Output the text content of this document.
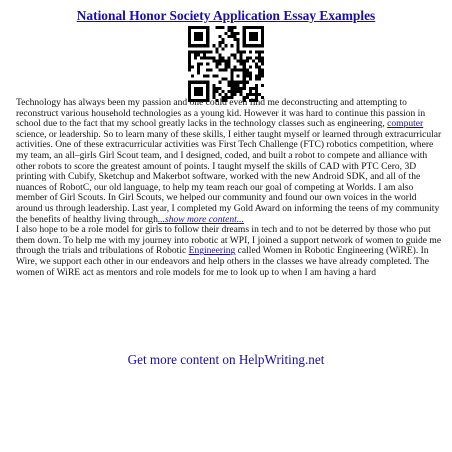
National Honor Society Application Essay Examples

Technology has always been my passion and one could even find me deconstructing and attempting to reconstruct various household technologies as a young kid. However it was hard to continue this passion in school due to the fact that my school greatly lacks in the technology classes such as engineering, computer science, or leadership. So to learn many of these skills, I either taught myself or learned through extracurricular activities. One of these extracurricular activities was First Tech Challenge (FTC) robotics competition, where my team, an all–girls Girl Scout team, and I designed, coded, and built a robot to compete and alliance with other robots to score the greatest amount of points. I taught myself the skills of CAD with PTC Cero, 3D printing with Cubify, Sketchup and Makerbot software, worked with the new Android SDK, and all of the nuances of RobotC, our old language, to help my team reach our goal of competing at Worlds. I am also member of Girl Scouts. In Girl Scouts, we helped our community and found our own voices in the world around us through leadership. Last year, I completed my Gold Award on informing the teens of my community the benefits of healthy living through...show more content...

I also hope to be a role model for girls to follow their dreams in tech and to not be deterred by those who put them down. To help me with my journey into robotic at WPI, I joined a support network of women to guide me through the trials and tribulations of Robotic Engineering called Women in Robotic Engineering (WiRE). In Wire, we support each other in our endeavors and help others in the classes we have already completed. The women of WiRE act as mentors and role models for me to look up to when I am having a hard

Get more content on HelpWriting.net
